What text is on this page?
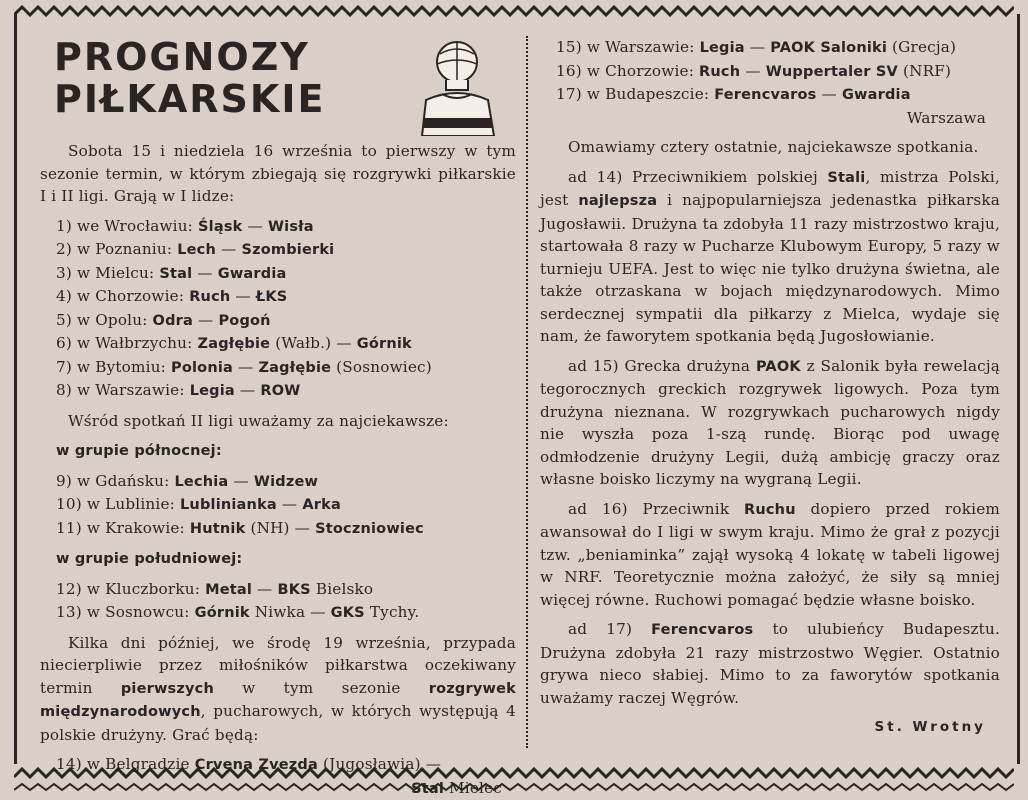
PROGNOZY
PIŁKARSKIE

Sobota 15 i niedziela 16 września to pierwszy w tym sezonie termin, w którym zbiegają się rozgrywki piłkarskie I i II ligi. Grają w I lidze:

1) we Wrocławiu: Śląsk — Wisła

2) w Poznaniu: Lech — Szombierki

3) w Mielcu: Stal — Gwardia

4) w Chorzowie: Ruch — ŁKS

5) w Opolu: Odra — Pogoń

6) w Wałbrzychu: Zagłębie (Wałb.) — Górnik

7) w Bytomiu: Polonia — Zagłębie (Sosnowiec)

8) w Warszawie: Legia — ROW

Wśród spotkań II ligi uważamy za najciekawsze:

w grupie północnej:

9) w Gdańsku: Lechia — Widzew

10) w Lublinie: Lublinianka — Arka

11) w Krakowie: Hutnik (NH) — Stoczniowiec

w grupie południowej:

12) w Kluczborku: Metal — BKS Bielsko

13) w Sosnowcu: Górnik Niwka — GKS Tychy.

Kilka dni później, we środę 19 września, przypada niecierpliwie przez miłośników piłkarstwa oczekiwany termin pierwszych w tym sezonie rozgrywek międzynarodowych, pucharowych, w których występują 4 polskie drużyny. Grać będą:

14) w Belgradzie Crvena Zvezda (Jugosławia) —

Stal Mielec

15) w Warszawie: Legia — PAOK Saloniki (Grecja)

16) w Chorzowie: Ruch — Wuppertaler SV (NRF)

17) w Budapeszcie: Ferencvaros — Gwardia

Warszawa

Omawiamy cztery ostatnie, najciekawsze spotkania.

ad 14) Przeciwnikiem polskiej Stali, mistrza Polski, jest najlepsza i najpopularniejsza jedenastka piłkarska Jugosławii. Drużyna ta zdobyła 11 razy mistrzostwo kraju, startowała 8 razy w Pucharze Klubowym Europy, 5 razy w turnieju UEFA. Jest to więc nie tylko drużyna świetna, ale także otrzaskana w bojach międzynarodowych. Mimo serdecznej sympatii dla piłkarzy z Mielca, wydaje się nam, że faworytem spotkania będą Jugosłowianie.

ad 15) Grecka drużyna PAOK z Salonik była rewelacją tegorocznych greckich rozgrywek ligowych. Poza tym drużyna nieznana. W rozgrywkach pucharowych nigdy nie wyszła poza 1-szą rundę. Biorąc pod uwagę odmłodzenie drużyny Legii, dużą ambicję graczy oraz własne boisko liczymy na wygraną Legii.

ad 16) Przeciwnik Ruchu dopiero przed rokiem awansował do I ligi w swym kraju. Mimo że grał z pozycji tzw. „beniaminka” zajął wysoką 4 lokatę w tabeli ligowej w NRF. Teoretycznie można założyć, że siły są mniej więcej równe. Ruchowi pomagać będzie własne boisko.

ad 17) Ferencvaros to ulubieńcy Budapesztu. Drużyna zdobyła 21 razy mistrzostwo Węgier. Ostatnio grywa nieco słabiej. Mimo to za faworytów spotkania uważamy raczej Węgrów.

St. Wrotny
